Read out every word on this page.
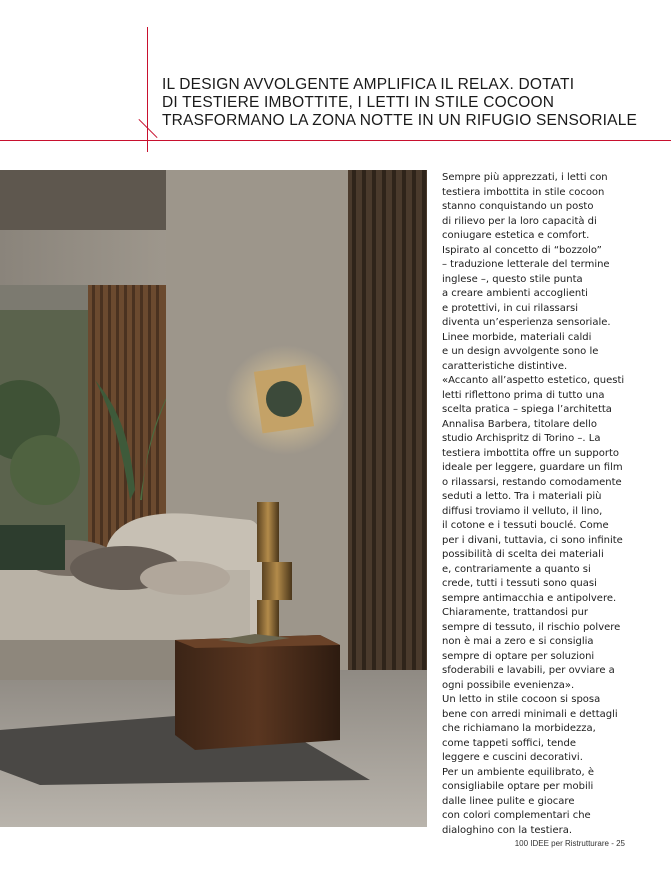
IL DESIGN AVVOLGENTE AMPLIFICA IL RELAX. DOTATI
DI TESTIERE IMBOTTITE, I LETTI IN STILE COCOON
TRASFORMANO LA ZONA NOTTE IN UN RIFUGIO SENSORIALE
Sempre più apprezzati, i letti con
testiera imbottita in stile cocoon
stanno conquistando un posto
di rilievo per la loro capacità di
coniugare estetica e comfort.
Ispirato al concetto di “bozzolo”
– traduzione letterale del termine
inglese –, questo stile punta
a creare ambienti accoglienti
e protettivi, in cui rilassarsi
diventa un’esperienza sensoriale.
Linee morbide, materiali caldi
e un design avvolgente sono le
caratteristiche distintive.
«Accanto all’aspetto estetico, questi
letti riflettono prima di tutto una
scelta pratica – spiega l’architetta
Annalisa Barbera, titolare dello
studio Archispritz di Torino –. La
testiera imbottita offre un supporto
ideale per leggere, guardare un film
o rilassarsi, restando comodamente
seduti a letto. Tra i materiali più
diffusi troviamo il velluto, il lino,
il cotone e i tessuti bouclé. Come
per i divani, tuttavia, ci sono infinite
possibilità di scelta dei materiali
e, contrariamente a quanto si
crede, tutti i tessuti sono quasi
sempre antimacchia e antipolvere.
Chiaramente, trattandosi pur
sempre di tessuto, il rischio polvere
non è mai a zero e si consiglia
sempre di optare per soluzioni
sfoderabili e lavabili, per ovviare a
ogni possibile evenienza».
Un letto in stile cocoon si sposa
bene con arredi minimali e dettagli
che richiamano la morbidezza,
come tappeti soffici, tende
leggere e cuscini decorativi.
Per un ambiente equilibrato, è
consigliabile optare per mobili
dalle linee pulite e giocare
con colori complementari che
dialoghino con la testiera.
100 IDEE per Ristrutturare - 25
